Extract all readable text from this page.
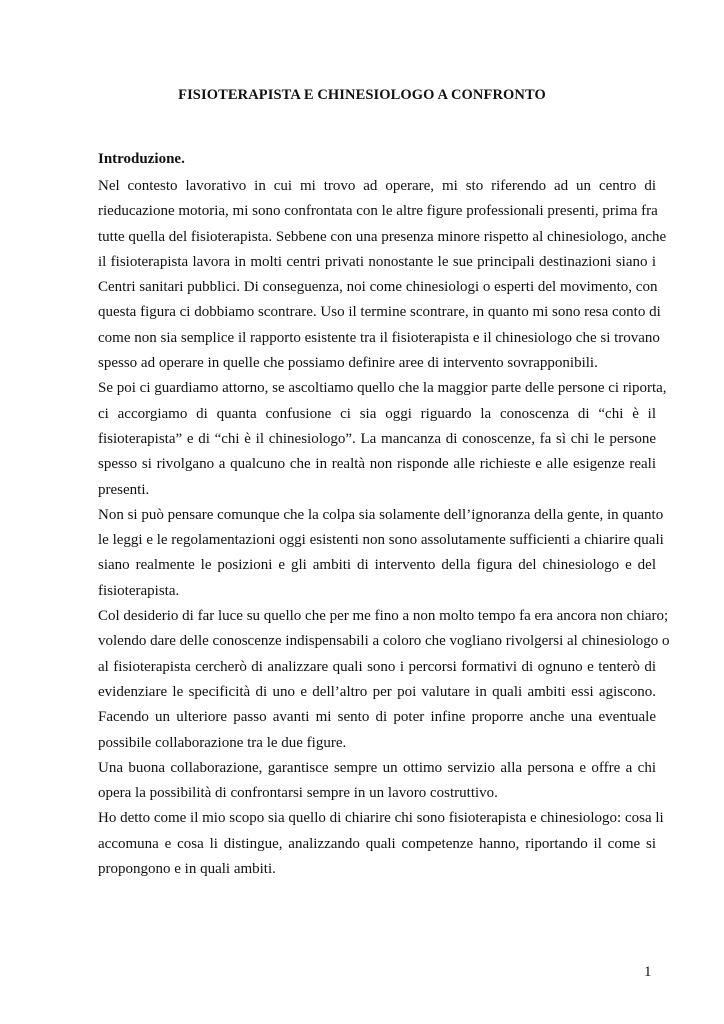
FISIOTERAPISTA E CHINESIOLOGO A CONFRONTO
Introduzione.

Nel contesto lavorativo in cui mi trovo ad operare, mi sto riferendo ad un centro di
rieducazione motoria, mi sono confrontata con le altre figure professionali presenti, prima fra
tutte quella del fisioterapista. Sebbene con una presenza minore rispetto al chinesiologo, anche
il fisioterapista lavora in molti centri privati nonostante le sue principali destinazioni siano i
Centri sanitari pubblici. Di conseguenza, noi come chinesiologi o esperti del movimento, con
questa figura ci dobbiamo scontrare. Uso il termine scontrare, in quanto mi sono resa conto di
come non sia semplice il rapporto esistente tra il fisioterapista e il chinesiologo che si trovano
spesso ad operare in quelle che possiamo definire aree di intervento sovrapponibili.

Se poi ci guardiamo attorno, se ascoltiamo quello che la maggior parte delle persone ci riporta,
ci accorgiamo di quanta confusione ci sia oggi riguardo la conoscenza di “chi è il
fisioterapista” e di “chi è il chinesiologo”. La mancanza di conoscenze, fa sì chi le persone
spesso si rivolgano a qualcuno che in realtà non risponde alle richieste e alle esigenze reali
presenti.

Non si può pensare comunque che la colpa sia solamente dell’ignoranza della gente, in quanto
le leggi e le regolamentazioni oggi esistenti non sono assolutamente sufficienti a chiarire quali
siano realmente le posizioni e gli ambiti di intervento della figura del chinesiologo e del
fisioterapista.

Col desiderio di far luce su quello che per me fino a non molto tempo fa era ancora non chiaro;
volendo dare delle conoscenze indispensabili a coloro che vogliano rivolgersi al chinesiologo o
al fisioterapista cercherò di analizzare quali sono i percorsi formativi di ognuno e tenterò di
evidenziare le specificità di uno e dell’altro per poi valutare in quali ambiti essi agiscono.
Facendo un ulteriore passo avanti mi sento di poter infine proporre anche una eventuale
possibile collaborazione tra le due figure.

Una buona collaborazione, garantisce sempre un ottimo servizio alla persona e offre a chi
opera la possibilità di confrontarsi sempre in un lavoro costruttivo.

Ho detto come il mio scopo sia quello di chiarire chi sono fisioterapista e chinesiologo: cosa li
accomuna e cosa li distingue, analizzando quali competenze hanno, riportando il come si
propongono e in quali ambiti.

1
